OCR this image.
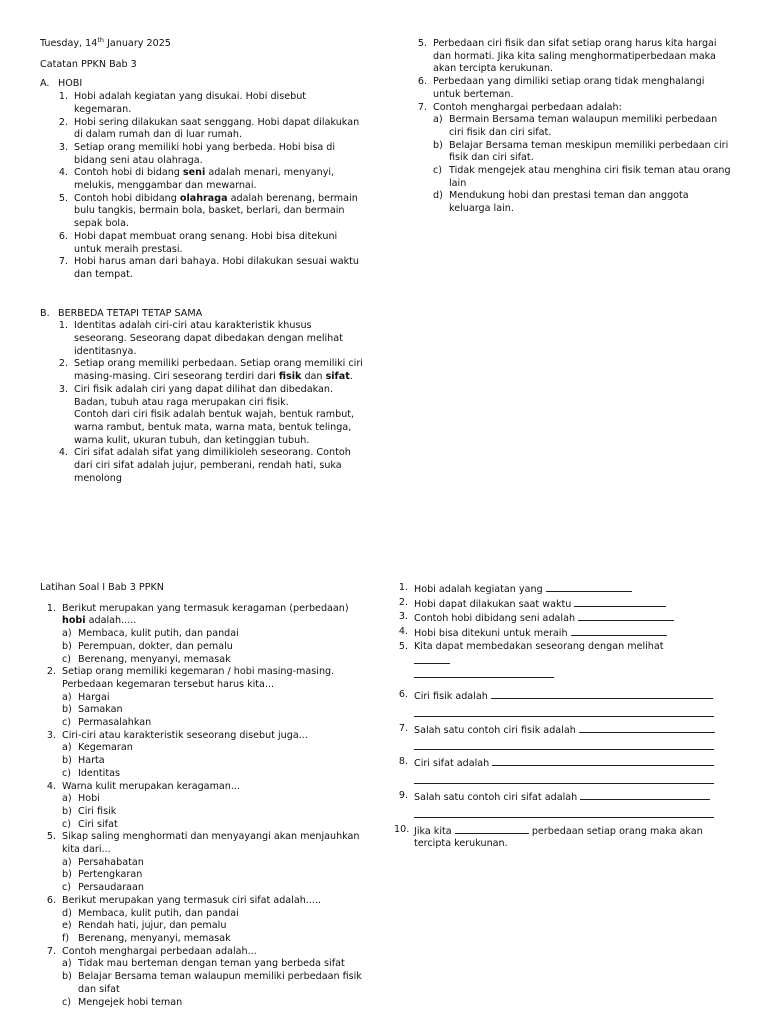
Tuesday, 14th January 2025
Catatan PPKN Bab 3
A. HOBI
1. Hobi adalah kegiatan yang disukai. Hobi disebut kegemaran.
2. Hobi sering dilakukan saat senggang. Hobi dapat dilakukan di dalam rumah dan di luar rumah.
3. Setiap orang memiliki hobi yang berbeda. Hobi bisa di bidang seni atau olahraga.
4. Contoh hobi di bidang seni adalah menari, menyanyi, melukis, menggambar dan mewarnai.
5. Contoh hobi dibidang olahraga adalah berenang, bermain bulu tangkis, bermain bola, basket, berlari, dan bermain sepak bola.
6. Hobi dapat membuat orang senang. Hobi bisa ditekuni untuk meraih prestasi.
7. Hobi harus aman dari bahaya. Hobi dilakukan sesuai waktu dan tempat.
B. BERBEDA TETAPI TETAP SAMA
1. Identitas adalah ciri-ciri atau karakteristik khusus seseorang. Seseorang dapat dibedakan dengan melihat identitasnya.
2. Setiap orang memiliki perbedaan. Setiap orang memiliki ciri masing-masing. Ciri seseorang terdiri dari fisik dan sifat.
3. Ciri fisik adalah ciri yang dapat dilihat dan dibedakan. Badan, tubuh atau raga merupakan ciri fisik.
Contoh dari ciri fisik adalah bentuk wajah, bentuk rambut, warna rambut, bentuk mata, warna mata, bentuk telinga, warna kulit, ukuran tubuh, dan ketinggian tubuh.
4. Ciri sifat adalah sifat yang dimilikioleh seseorang. Contoh dari ciri sifat adalah jujur, pemberani, rendah hati, suka menolong
5. Perbedaan ciri fisik dan sifat setiap orang harus kita hargai dan hormati. Jika kita saling menghormatiperbedaan maka akan tercipta kerukunan.
6. Perbedaan yang dimiliki setiap orang tidak menghalangi untuk berteman.
7. Contoh menghargai perbedaan adalah:
a) Bermain Bersama teman walaupun memiliki perbedaan ciri fisik dan ciri sifat.
b) Belajar Bersama teman meskipun memiliki perbedaan ciri fisik dan ciri sifat.
c) Tidak mengejek atau menghina ciri fisik teman atau orang lain
d) Mendukung hobi dan prestasi teman dan anggota keluarga lain.
Latihan Soal I Bab 3 PPKN
1. Berikut merupakan yang termasuk keragaman (perbedaan) hobi adalah.....
a) Membaca, kulit putih, dan pandai
b) Perempuan, dokter, dan pemalu
c) Berenang, menyanyi, memasak
2. Setiap orang memiliki kegemaran / hobi masing-masing. Perbedaan kegemaran tersebut harus kita...
a) Hargai
b) Samakan
c) Permasalahkan
3. Ciri-ciri atau karakteristik seseorang disebut juga...
a) Kegemaran
b) Harta
c) Identitas
4. Warna kulit merupakan keragaman...
a) Hobi
b) Ciri fisik
c) Ciri sifat
5. Sikap saling menghormati dan menyayangi akan menjauhkan kita dari...
a) Persahabatan
b) Pertengkaran
c) Persaudaraan
6. Berikut merupakan yang termasuk ciri sifat adalah.....
d) Membaca, kulit putih, dan pandai
e) Rendah hati, jujur, dan pemalu
f) Berenang, menyanyi, memasak
7. Contoh menghargai perbedaan adalah...
a) Tidak mau berteman dengan teman yang berbeda sifat
b) Belajar Bersama teman walaupun memiliki perbedaan fisik dan sifat
c) Mengejek hobi teman
1. Hobi adalah kegiatan yang
2. Hobi dapat dilakukan saat waktu
3. Contoh hobi dibidang seni adalah
4. Hobi bisa ditekuni untuk meraih
5. Kita dapat membedakan seseorang dengan melihat
6. Ciri fisik adalah
7. Salah satu contoh ciri fisik adalah
8. Ciri sifat adalah
9. Salah satu contoh ciri sifat adalah
10. Jika kita	perbedaan setiap orang maka akan tercipta kerukunan.
